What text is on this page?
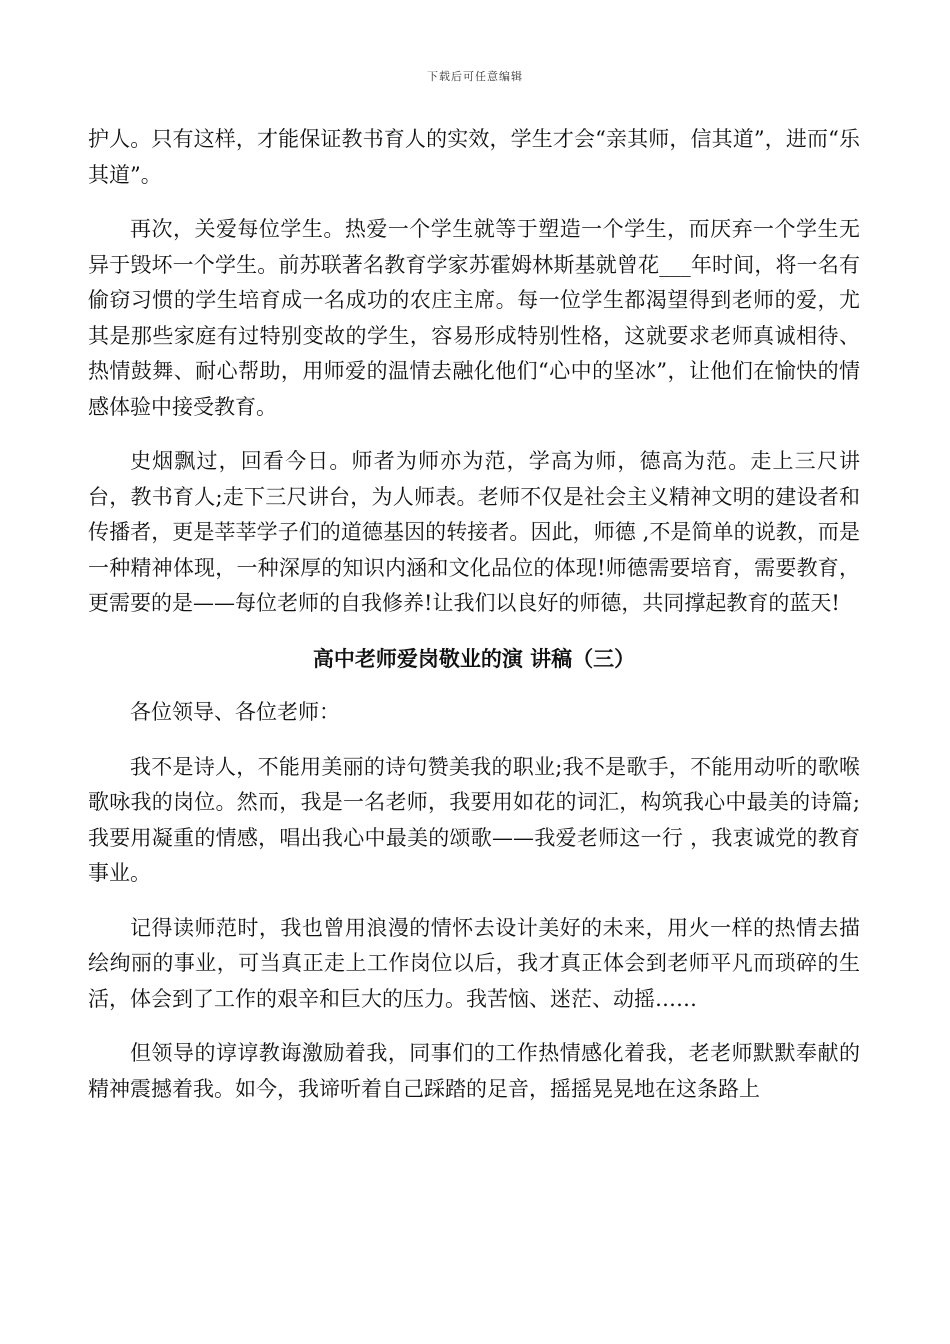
下载后可任意编辑

护人。只有这样，才能保证教书育人的实效，学生才会“亲其师，信其道”，进而“乐其道”。

再次，关爱每位学生。热爱一个学生就等于塑造一个学生，而厌弃一个学生无异于毁坏一个学生。前苏联著名教育学家苏霍姆林斯基就曾花___年时间，将一名有偷窃习惯的学生培育成一名成功的农庄主席。每一位学生都渴望得到老师的爱，尤其是那些家庭有过特别变故的学生，容易形成特别性格，这就要求老师真诚相待、热情鼓舞、耐心帮助，用师爱的温情去融化他们“心中的坚冰”，让他们在愉快的情感体验中接受教育。

史烟飘过，回看今日。师者为师亦为范，学高为师，德高为范。走上三尺讲台，教书育人;走下三尺讲台，为人师表。老师不仅是社会主义精神文明的建设者和传播者，更是莘莘学子们的道德基因的转接者。因此，师德 ,不是简单的说教，而是一种精神体现，一种深厚的知识内涵和文化品位的体现!师德需要培育，需要教育，更需要的是——每位老师的自我修养!让我们以良好的师德，共同撑起教育的蓝天!

高中老师爱岗敬业的演 讲稿（三）

各位领导、各位老师：

我不是诗人，不能用美丽的诗句赞美我的职业;我不是歌手，不能用动听的歌喉歌咏我的岗位。然而，我是一名老师，我要用如花的词汇，构筑我心中最美的诗篇;我要用凝重的情感，唱出我心中最美的颂歌——我爱老师这一行 ，我衷诚党的教育事业。

记得读师范时，我也曾用浪漫的情怀去设计美好的未来，用火一样的热情去描绘绚丽的事业，可当真正走上工作岗位以后，我才真正体会到老师平凡而琐碎的生活，体会到了工作的艰辛和巨大的压力。我苦恼、迷茫、动摇……

但领导的谆谆教诲激励着我，同事们的工作热情感化着我，老老师默默奉献的精神震撼着我。如今，我谛听着自己踩踏的足音，摇摇晃晃地在这条路上
